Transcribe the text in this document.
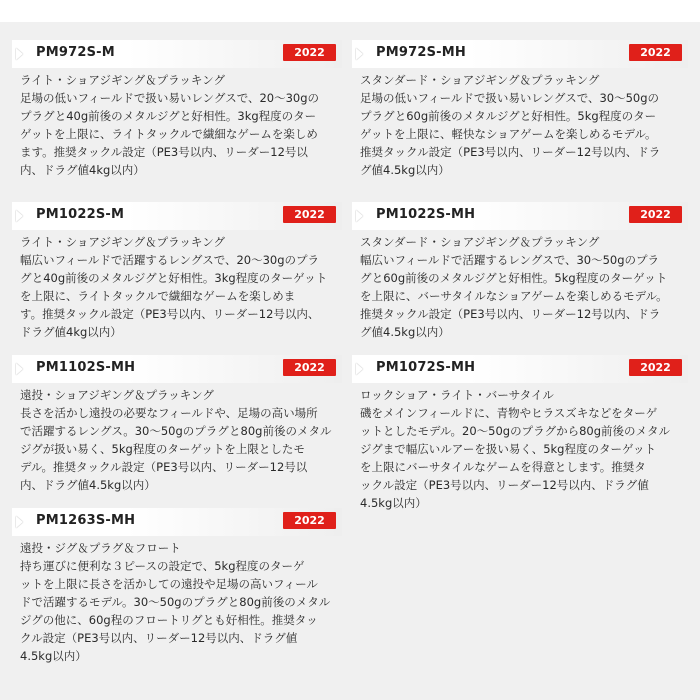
PM972S-M	2022
ライト・ショアジギング＆プラッキング
足場の低いフィールドで扱い易いレングスで、20～30gの
プラグと40g前後のメタルジグと好相性。3kg程度のター
ゲットを上限に、ライトタックルで繊細なゲームを楽しめ
ます。推奨タックル設定（PE3号以内、リーダー12号以
内、ドラグ値4kg以内）
PM972S-MH	2022
スタンダード・ショアジギング＆プラッキング
足場の低いフィールドで扱い易いレングスで、30～50gの
プラグと60g前後のメタルジグと好相性。5kg程度のター
ゲットを上限に、軽快なショアゲームを楽しめるモデル。
推奨タックル設定（PE3号以内、リーダー12号以内、ドラ
グ値4.5kg以内）
PM1022S-M	2022
ライト・ショアジギング＆プラッキング
幅広いフィールドで活躍するレングスで、20～30gのプラ
グと40g前後のメタルジグと好相性。3kg程度のターゲット
を上限に、ライトタックルで繊細なゲームを楽しめま
す。推奨タックル設定（PE3号以内、リーダー12号以内、
ドラグ値4kg以内）
PM1022S-MH	2022
スタンダード・ショアジギング＆プラッキング
幅広いフィールドで活躍するレングスで、30～50gのプラ
グと60g前後のメタルジグと好相性。5kg程度のターゲット
を上限に、バーサタイルなショアゲームを楽しめるモデル。
推奨タックル設定（PE3号以内、リーダー12号以内、ドラ
グ値4.5kg以内）
PM1102S-MH	2022
遠投・ショアジギング＆プラッキング
長さを活かし遠投の必要なフィールドや、足場の高い場所
で活躍するレングス。30～50gのプラグと80g前後のメタル
ジグが扱い易く、5kg程度のターゲットを上限としたモ
デル。推奨タックル設定（PE3号以内、リーダー12号以
内、ドラグ値4.5kg以内）
PM1072S-MH	2022
ロックショア・ライト・バーサタイル
磯をメインフィールドに、青物やヒラスズキなどをターゲ
ットとしたモデル。20～50gのプラグから80g前後のメタル
ジグまで幅広いルアーを扱い易く、5kg程度のターゲット
を上限にバーサタイルなゲームを得意とします。推奨タ
ックル設定（PE3号以内、リーダー12号以内、ドラグ値
4.5kg以内）
PM1263S-MH	2022
遠投・ジグ＆プラグ＆フロート
持ち運びに便利な３ピースの設定で、5kg程度のターゲ
ットを上限に長さを活かしての遠投や足場の高いフィール
ドで活躍するモデル。30～50gのプラグと80g前後のメタル
ジグの他に、60g程のフロートリグとも好相性。推奨タッ
クル設定（PE3号以内、リーダー12号以内、ドラグ値
4.5kg以内）
